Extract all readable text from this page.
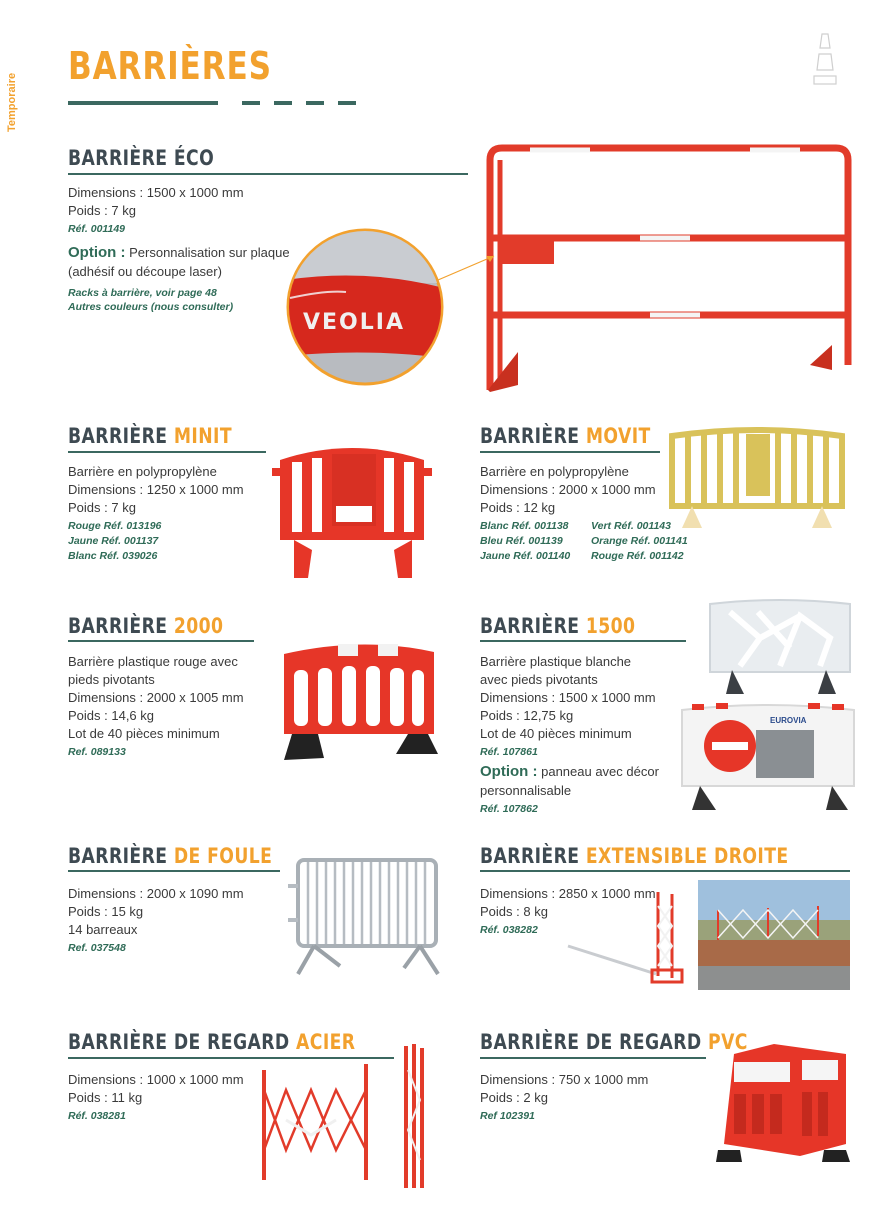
Temporaire
BARRIÈRES
BARRIÈRE ÉCO
Dimensions : 1500 x 1000 mm
Poids : 7 kg
Réf. 001149
Option : Personnalisation sur plaque
(adhésif ou découpe laser)
Racks à barrière, voir page 48
Autres couleurs (nous consulter)
VEOLIA
BARRIÈRE MINIT
Barrière en polypropylène
Dimensions : 1250 x 1000 mm
Poids : 7 kg
Rouge Réf. 013196
Jaune Réf. 001137
Blanc Réf. 039026
BARRIÈRE MOVIT
Barrière en polypropylène
Dimensions : 2000 x 1000 mm
Poids : 12 kg
Blanc Réf. 001138
Bleu Réf. 001139
Jaune Réf. 001140
Vert Réf. 001143
Orange Réf. 001141
Rouge Réf. 001142
BARRIÈRE 2000
Barrière plastique rouge avec
pieds pivotants
Dimensions : 2000 x 1005 mm
Poids : 14,6 kg
Lot de 40 pièces minimum
Ref. 089133
BARRIÈRE 1500
Barrière plastique blanche
avec pieds pivotants
Dimensions : 1500 x 1000 mm
Poids : 12,75 kg
Lot de 40 pièces minimum
Réf. 107861
Option : panneau avec décor
personnalisable
Réf. 107862
EUROVIA
BARRIÈRE DE FOULE
Dimensions : 2000 x 1090 mm
Poids : 15 kg
14 barreaux
Ref. 037548
BARRIÈRE EXTENSIBLE DROITE
Dimensions : 2850 x 1000 mm
Poids : 8 kg
Réf. 038282
BARRIÈRE DE REGARD ACIER
Dimensions : 1000 x 1000 mm
Poids : 11 kg
Réf. 038281
BARRIÈRE DE REGARD PVC
Dimensions : 750 x 1000 mm
Poids : 2 kg
Ref 102391
